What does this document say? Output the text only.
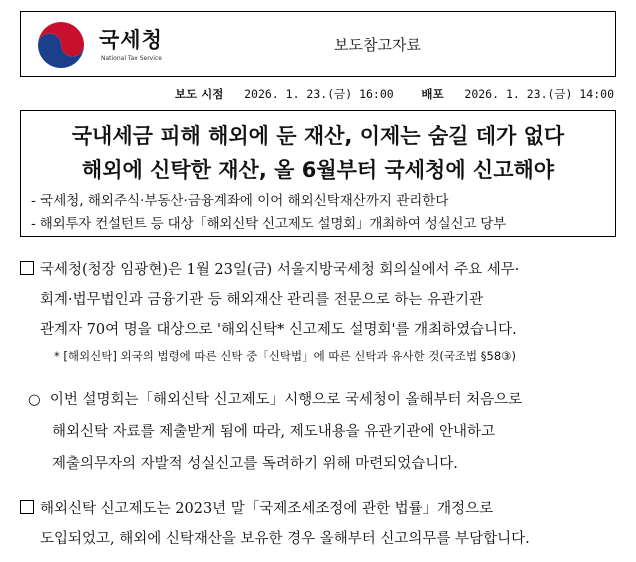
국세청
National Tax Service
보도참고자료
보도 시점 2026. 1. 23.(금) 16:00 배포 2026. 1. 23.(금) 14:00
국내세금 피해 해외에 둔 재산, 이제는 숨길 데가 없다
해외에 신탁한 재산, 올 6월부터 국세청에 신고해야
- 국세청, 해외주식·부동산·금융계좌에 이어 해외신탁재산까지 관리한다
- 해외투자 컨설턴트 등 대상「해외신탁 신고제도 설명회」개최하여 성실신고 당부
국세청(청장 임광현)은 1월 23일(금) 서울지방국세청 회의실에서 주요 세무·
회계·법무법인과 금융기관 등 해외재산 관리를 전문으로 하는 유관기관
관계자 70여 명을 대상으로 '해외신탁* 신고제도 설명회'를 개최하였습니다.
* [해외신탁] 외국의 법령에 따른 신탁 중「신탁법」에 따른 신탁과 유사한 것(국조법 §58③)
○ 이번 설명회는「해외신탁 신고제도」시행으로 국세청이 올해부터 처음으로
해외신탁 자료를 제출받게 됨에 따라, 제도내용을 유관기관에 안내하고
제출의무자의 자발적 성실신고를 독려하기 위해 마련되었습니다.
해외신탁 신고제도는 2023년 말「국제조세조정에 관한 법률」개정으로
도입되었고, 해외에 신탁재산을 보유한 경우 올해부터 신고의무를 부담합니다.
